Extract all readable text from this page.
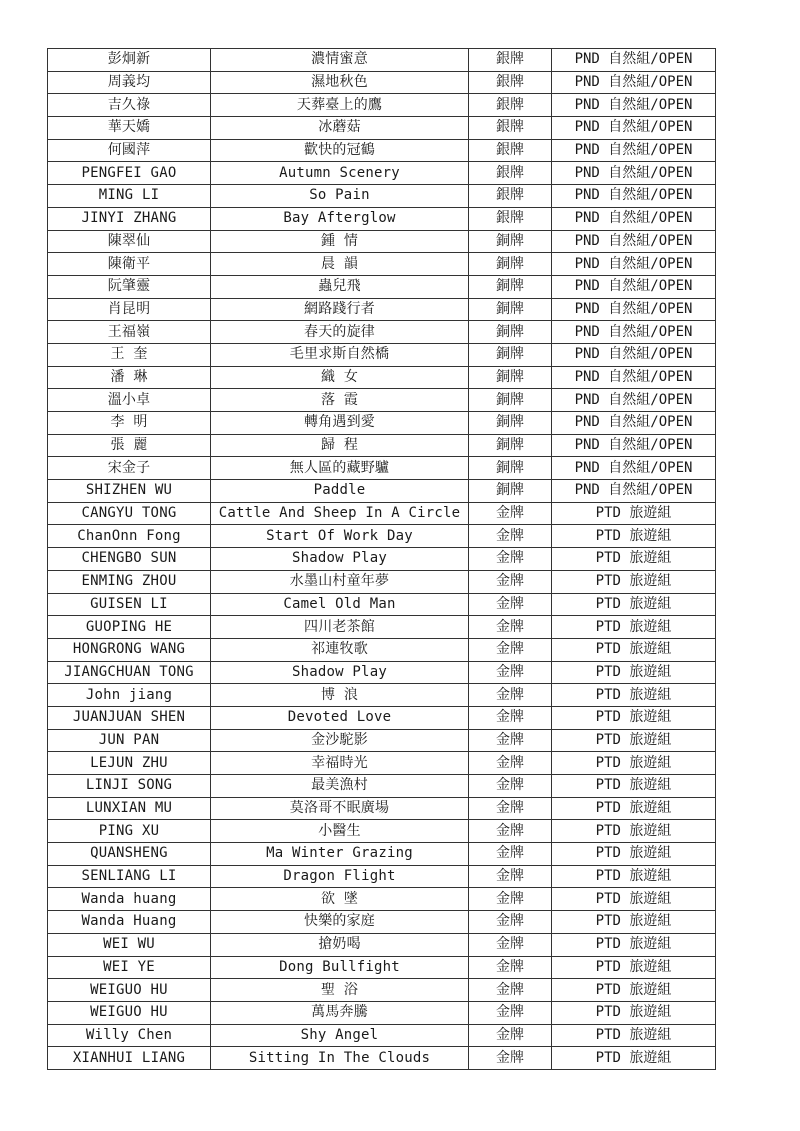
彭炯新	濃情蜜意	銀牌	PND 自然組/OPEN
周義均	濕地秋色	銀牌	PND 自然組/OPEN
吉久祿	天葬臺上的鷹	銀牌	PND 自然組/OPEN
華天嬌	冰蘑菇	銀牌	PND 自然組/OPEN
何國萍	歡快的冠鶴	銀牌	PND 自然組/OPEN
PENGFEI GAO	Autumn Scenery	銀牌	PND 自然組/OPEN
MING LI	So Pain	銀牌	PND 自然組/OPEN
JINYI ZHANG	Bay Afterglow	銀牌	PND 自然組/OPEN
陳翠仙	鍾 情	銅牌	PND 自然組/OPEN
陳衛平	晨 韻	銅牌	PND 自然組/OPEN
阮肇靈	蟲兒飛	銅牌	PND 自然組/OPEN
肖昆明	網路踐行者	銅牌	PND 自然組/OPEN
王福嶺	春天的旋律	銅牌	PND 自然組/OPEN
王 奎	毛里求斯自然橋	銅牌	PND 自然組/OPEN
潘 琳	織 女	銅牌	PND 自然組/OPEN
溫小卓	落 霞	銅牌	PND 自然組/OPEN
李 明	轉角遇到愛	銅牌	PND 自然組/OPEN
張 麗	歸 程	銅牌	PND 自然組/OPEN
宋金子	無人區的藏野驢	銅牌	PND 自然組/OPEN
SHIZHEN WU	Paddle	銅牌	PND 自然組/OPEN
CANGYU TONG	Cattle And Sheep In A Circle	金牌	PTD 旅遊組
ChanOnn Fong	Start Of Work Day	金牌	PTD 旅遊組
CHENGBO SUN	Shadow Play	金牌	PTD 旅遊組
ENMING ZHOU	水墨山村童年夢	金牌	PTD 旅遊組
GUISEN LI	Camel Old Man	金牌	PTD 旅遊組
GUOPING HE	四川老茶館	金牌	PTD 旅遊組
HONGRONG WANG	祁連牧歌	金牌	PTD 旅遊組
JIANGCHUAN TONG	Shadow Play	金牌	PTD 旅遊組
John jiang	博 浪	金牌	PTD 旅遊組
JUANJUAN SHEN	Devoted Love	金牌	PTD 旅遊組
JUN PAN	金沙駝影	金牌	PTD 旅遊組
LEJUN ZHU	幸福時光	金牌	PTD 旅遊組
LINJI SONG	最美漁村	金牌	PTD 旅遊組
LUNXIAN MU	莫洛哥不眠廣場	金牌	PTD 旅遊組
PING XU	小醫生	金牌	PTD 旅遊組
QUANSHENG	Ma Winter Grazing	金牌	PTD 旅遊組
SENLIANG LI	Dragon Flight	金牌	PTD 旅遊組
Wanda huang	欲 墜	金牌	PTD 旅遊組
Wanda Huang	快樂的家庭	金牌	PTD 旅遊組
WEI WU	搶奶喝	金牌	PTD 旅遊組
WEI YE	Dong Bullfight	金牌	PTD 旅遊組
WEIGUO HU	聖 浴	金牌	PTD 旅遊組
WEIGUO HU	萬馬奔騰	金牌	PTD 旅遊組
Willy Chen	Shy Angel	金牌	PTD 旅遊組
XIANHUI LIANG	Sitting In The Clouds	金牌	PTD 旅遊組
